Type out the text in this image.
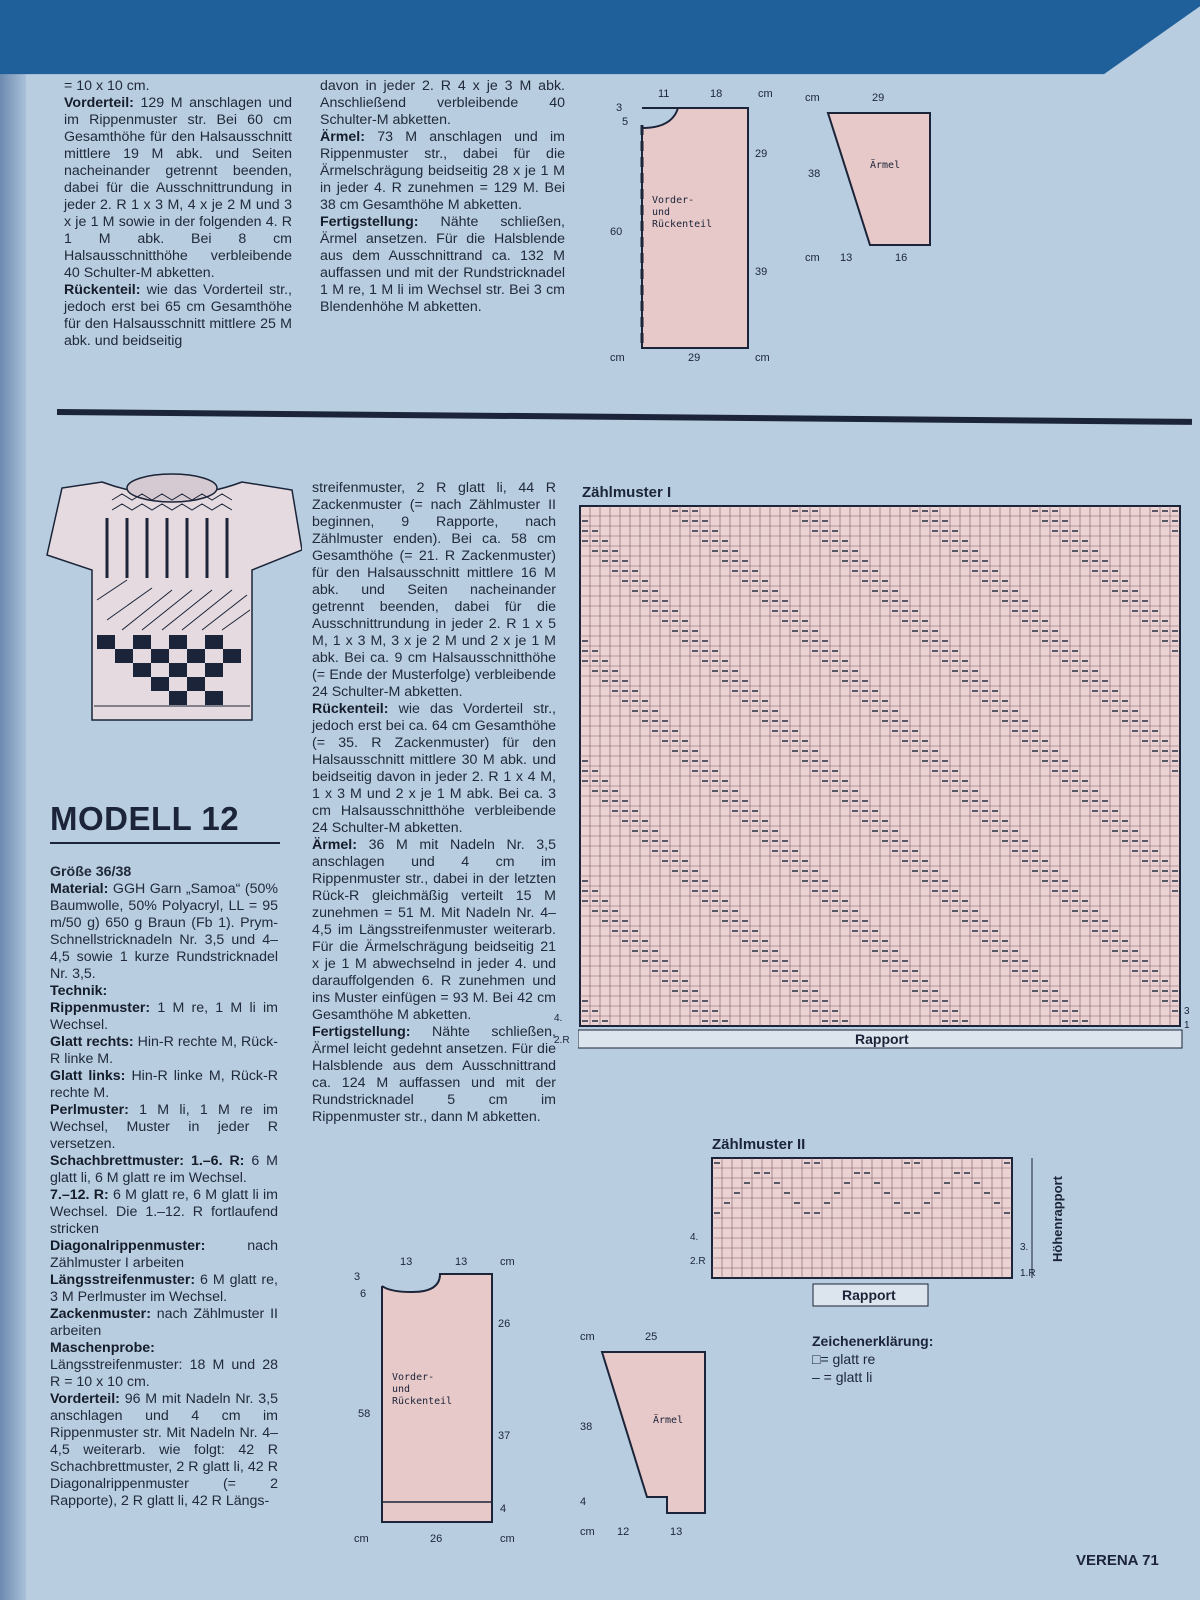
= 10 x 10 cm.

Vorderteil: 129 M anschlagen und im Rippenmuster str. Bei 60 cm Gesamthöhe für den Halsausschnitt mittlere 19 M abk. und Seiten nacheinander getrennt beenden, dabei für die Ausschnittrundung in jeder 2. R 1 x 3 M, 4 x je 2 M und 3 x je 1 M sowie in der folgenden 4. R 1 M abk. Bei 8 cm Halsausschnitthöhe verbleibende 40 Schulter-M abketten.

Rückenteil: wie das Vorderteil str., jedoch erst bei 65 cm Gesamthöhe für den Halsausschnitt mittlere 25 M abk. und beidseitig

davon in jeder 2. R 4 x je 3 M abk. Anschließend verbleibende 40 Schulter-M abketten.

Ärmel: 73 M anschlagen und im Rippenmuster str., dabei für die Ärmelschrägung beidseitig 28 x je 1 M in jeder 4. R zunehmen = 129 M. Bei 38 cm Gesamthöhe M abketten.

Fertigstellung: Nähte schließen, Ärmel ansetzen. Für die Halsblende aus dem Ausschnittrand ca. 132 M auffassen und mit der Rundstricknadel 1 M re, 1 M li im Wechsel str. Bei 3 cm Blendenhöhe M abketten.

11	18	cm
3
5
60
29
39
cm	29	cm
Vorder-
und
Rückenteil
cm	29
38
cm 13	16
Ärmel
MODELL 12

Größe 36/38

Material: GGH Garn „Samoa“ (50% Baumwolle, 50% Polyacryl, LL = 95 m/50 g) 650 g Braun (Fb 1). Prym-Schnellstricknadeln Nr. 3,5 und 4–4,5 sowie 1 kurze Rundstricknadel Nr. 3,5.

Technik:

Rippenmuster: 1 M re, 1 M li im Wechsel.

Glatt rechts: Hin-R rechte M, Rück-R linke M.

Glatt links: Hin-R linke M, Rück-R rechte M.

Perlmuster: 1 M li, 1 M re im Wechsel, Muster in jeder R versetzen.

Schachbrettmuster: 1.–6. R: 6 M glatt li, 6 M glatt re im Wechsel.

7.–12. R: 6 M glatt re, 6 M glatt li im Wechsel. Die 1.–12. R fortlaufend stricken

Diagonalrippenmuster:	nach Zählmuster I arbeiten

Längsstreifenmuster: 6 M glatt re, 3 M Perlmuster im Wechsel.

Zackenmuster: nach Zählmuster II arbeiten

Maschenprobe: Längsstreifenmuster: 18 M und 28 R = 10 x 10 cm.

Vorderteil: 96 M mit Nadeln Nr. 3,5 anschlagen und 4 cm im Rippenmuster str. Mit Nadeln Nr. 4–4,5 weiterarb. wie folgt: 42 R Schachbrettmuster, 2 R glatt li, 42 R Diagonalrippenmuster (= 2 Rapporte), 2 R glatt li, 42 R Längs-

streifenmuster, 2 R glatt li, 44 R Zackenmuster (= nach Zählmuster II beginnen, 9 Rapporte, nach Zählmuster enden). Bei ca. 58 cm Gesamthöhe (= 21. R Zackenmuster) für den Halsausschnitt mittlere 16 M abk. und Seiten nacheinander getrennt beenden, dabei für die Ausschnittrundung in jeder 2. R 1 x 5 M, 1 x 3 M, 3 x je 2 M und 2 x je 1 M abk. Bei ca. 9 cm Halsausschnitthöhe (= Ende der Musterfolge) verbleibende 24 Schulter-M abketten.

Rückenteil: wie das Vorderteil str., jedoch erst bei ca. 64 cm Gesamthöhe (= 35. R Zackenmuster) für den Halsausschnitt mittlere 30 M abk. und beidseitig davon in jeder 2. R 1 x 4 M, 1 x 3 M und 2 x je 1 M abk. Bei ca. 3 cm Halsausschnitthöhe verbleibende 24 Schulter-M abketten.

Ärmel: 36 M mit Nadeln Nr. 3,5 anschlagen und 4 cm im Rippenmuster str., dabei in der letzten Rück-R gleichmäßig verteilt 15 M zunehmen = 51 M. Mit Nadeln Nr. 4–4,5 im Längsstreifenmuster weiterarb. Für die Ärmelschrägung beidseitig 21 x je 1 M abwechselnd in jeder 4. und darauffolgenden 6. R zunehmen und ins Muster einfügen = 93 M. Bei 42 cm Gesamthöhe M abketten.

Fertigstellung: Nähte schließen, Ärmel leicht gedehnt ansetzen. Für die Halsblende aus dem Ausschnittrand ca. 124 M auffassen und mit der Rundstricknadel 5 cm im Rippenmuster str., dann M abketten.

Zählmuster I
Rapport
3
1
Zählmuster II
Rapport
4.
2.R
3.
1.R
Höhenrapport
Zeichenerklärung:
□= glatt re
– = glatt li
13	13	cm
3
6
58
26
37
4
cm	26	cm
Vorder-
und
Rückenteil
cm	25
38
4
cm 12	13
Ärmel
VERENA 71
4.
2.R
